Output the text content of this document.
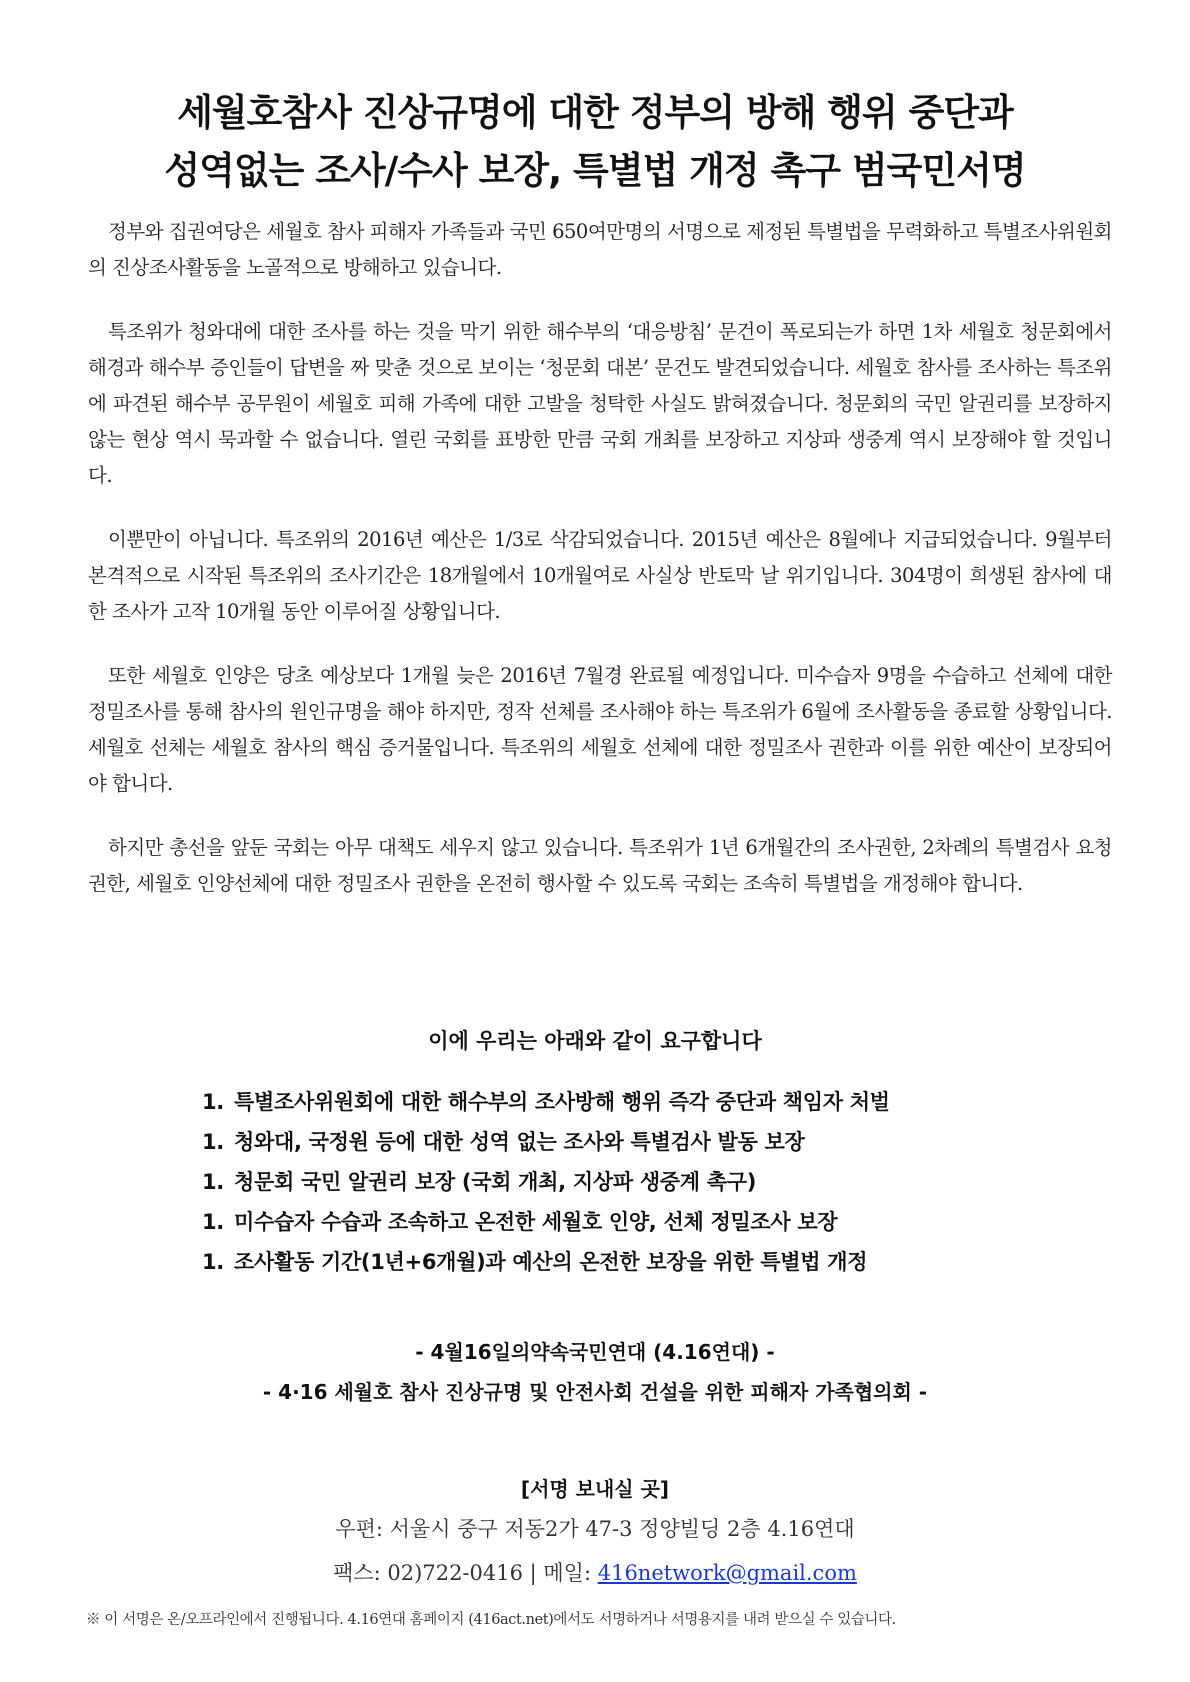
세월호참사 진상규명에 대한 정부의 방해 행위 중단과
성역없는 조사/수사 보장, 특별법 개정 촉구 범국민서명

정부와 집권여당은 세월호 참사 피해자 가족들과 국민 650여만명의 서명으로 제정된 특별법을 무력화하고 특별조사위원회의 진상조사활동을 노골적으로 방해하고 있습니다.

특조위가 청와대에 대한 조사를 하는 것을 막기 위한 해수부의 ‘대응방침’ 문건이 폭로되는가 하면 1차 세월호 청문회에서 해경과 해수부 증인들이 답변을 짜 맞춘 것으로 보이는 ‘청문회 대본’ 문건도 발견되었습니다. 세월호 참사를 조사하는 특조위에 파견된 해수부 공무원이 세월호 피해 가족에 대한 고발을 청탁한 사실도 밝혀졌습니다. 청문회의 국민 알권리를 보장하지 않는 현상 역시 묵과할 수 없습니다. 열린 국회를 표방한 만큼 국회 개최를 보장하고 지상파 생중계 역시 보장해야 할 것입니다.

이뿐만이 아닙니다. 특조위의 2016년 예산은 1/3로 삭감되었습니다. 2015년 예산은 8월에나 지급되었습니다. 9월부터 본격적으로 시작된 특조위의 조사기간은 18개월에서 10개월여로 사실상 반토막 날 위기입니다. 304명이 희생된 참사에 대한 조사가 고작 10개월 동안 이루어질 상황입니다.

또한 세월호 인양은 당초 예상보다 1개월 늦은 2016년 7월경 완료될 예정입니다. 미수습자 9명을 수습하고 선체에 대한 정밀조사를 통해 참사의 원인규명을 해야 하지만, 정작 선체를 조사해야 하는 특조위가 6월에 조사활동을 종료할 상황입니다. 세월호 선체는 세월호 참사의 핵심 증거물입니다. 특조위의 세월호 선체에 대한 정밀조사 권한과 이를 위한 예산이 보장되어야 합니다.

하지만 총선을 앞둔 국회는 아무 대책도 세우지 않고 있습니다. 특조위가 1년 6개월간의 조사권한, 2차례의 특별검사 요청권한, 세월호 인양선체에 대한 정밀조사 권한을 온전히 행사할 수 있도록 국회는 조속히 특별법을 개정해야 합니다.

이에 우리는 아래와 같이 요구합니다
1. 특별조사위원회에 대한 해수부의 조사방해 행위 즉각 중단과 책임자 처벌
1. 청와대, 국정원 등에 대한 성역 없는 조사와 특별검사 발동 보장
1. 청문회 국민 알권리 보장 (국회 개최, 지상파 생중계 촉구)
1. 미수습자 수습과 조속하고 온전한 세월호 인양, 선체 정밀조사 보장
1. 조사활동 기간(1년+6개월)과 예산의 온전한 보장을 위한 특별법 개정
- 4월16일의약속국민연대 (4.16연대) -
- 4·16 세월호 참사 진상규명 및 안전사회 건설을 위한 피해자 가족협의회 -
[서명 보내실 곳]
우편: 서울시 중구 저동2가 47-3 정양빌딩 2층 4.16연대
팩스: 02)722-0416 | 메일: 416network@gmail.com
※ 이 서명은 온/오프라인에서 진행됩니다. 4.16연대 홈페이지 (416act.net)에서도 서명하거나 서명용지를 내려 받으실 수 있습니다.
